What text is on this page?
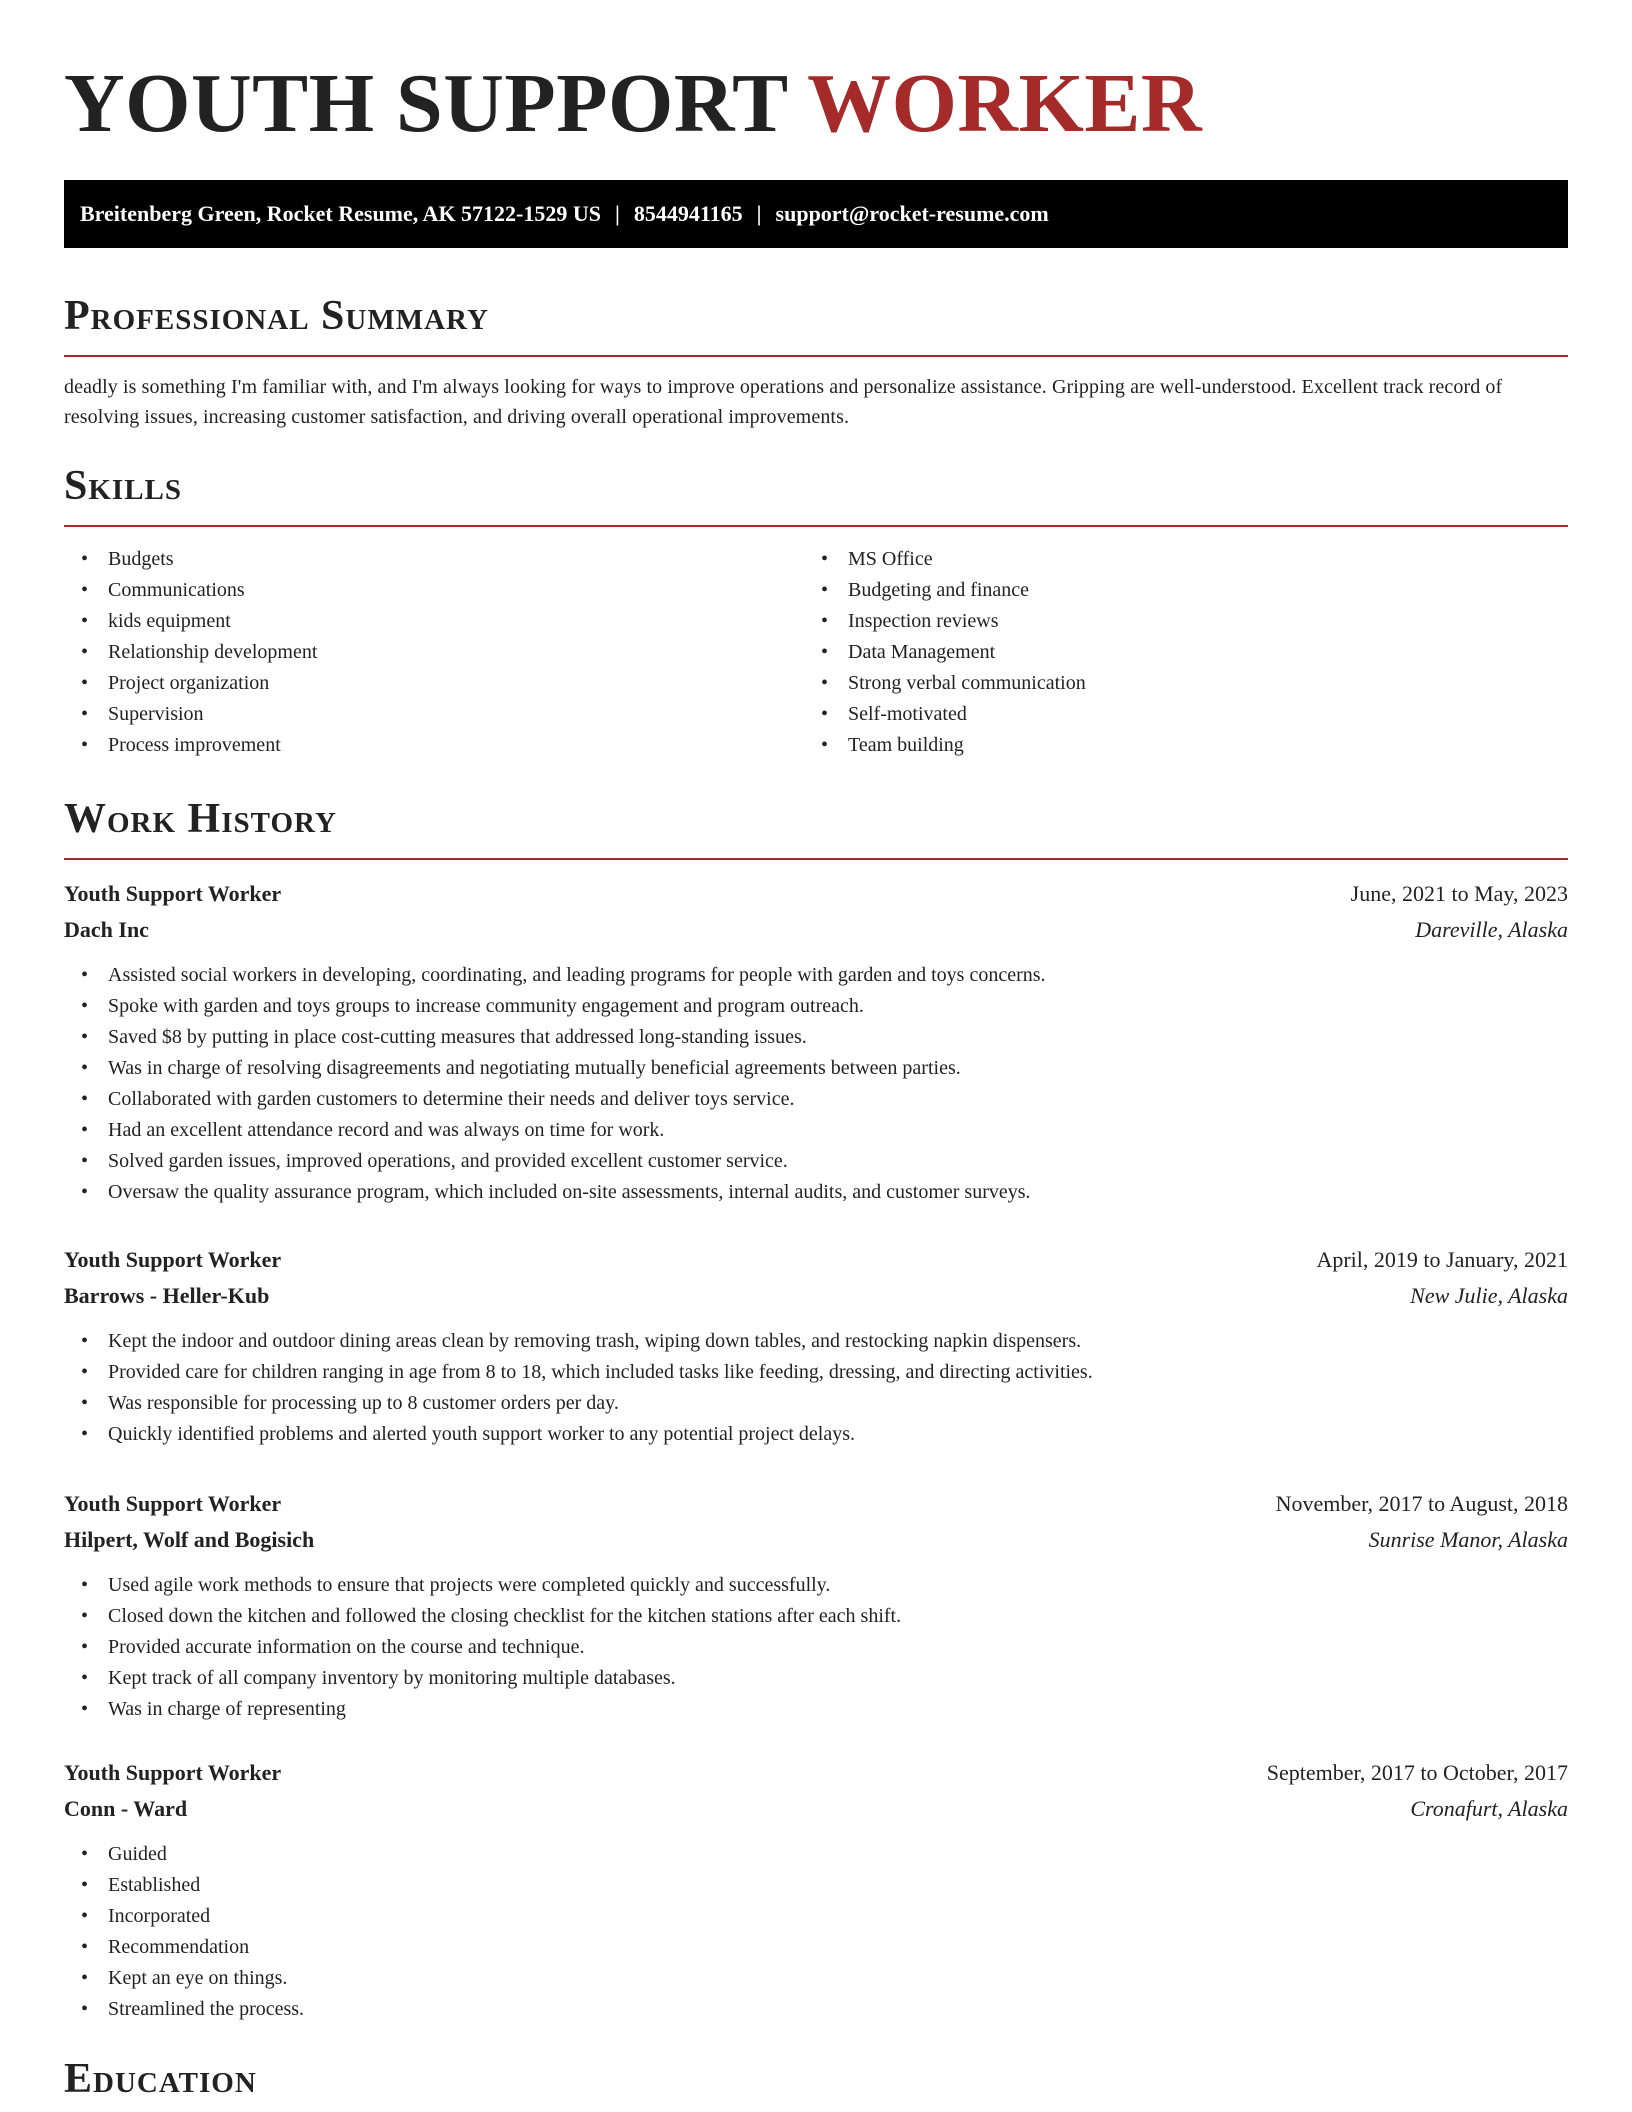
YOUTH SUPPORT WORKER
Breitenberg Green, Rocket Resume, AK 57122-1529 US | 8544941165 | support@rocket-resume.com
Professional Summary

deadly is something I'm familiar with, and I'm always looking for ways to improve operations and personalize assistance. Gripping are well-understood. Excellent track record of resolving issues, increasing customer satisfaction, and driving overall operational improvements.

Skills
• Budgets
• Communications
• kids equipment
• Relationship development
• Project organization
• Supervision
• Process improvement
• MS Office
• Budgeting and finance
• Inspection reviews
• Data Management
• Strong verbal communication
• Self-motivated
• Team building
Work History
Youth Support Worker	June, 2021 to May, 2023
Dach Inc	Dareville, Alaska
• Assisted social workers in developing, coordinating, and leading programs for people with garden and toys concerns.
• Spoke with garden and toys groups to increase community engagement and program outreach.
• Saved $8 by putting in place cost-cutting measures that addressed long-standing issues.
• Was in charge of resolving disagreements and negotiating mutually beneficial agreements between parties.
• Collaborated with garden customers to determine their needs and deliver toys service.
• Had an excellent attendance record and was always on time for work.
• Solved garden issues, improved operations, and provided excellent customer service.
• Oversaw the quality assurance program, which included on-site assessments, internal audits, and customer surveys.
Youth Support Worker	April, 2019 to January, 2021
Barrows - Heller-Kub	New Julie, Alaska
• Kept the indoor and outdoor dining areas clean by removing trash, wiping down tables, and restocking napkin dispensers.
• Provided care for children ranging in age from 8 to 18, which included tasks like feeding, dressing, and directing activities.
• Was responsible for processing up to 8 customer orders per day.
• Quickly identified problems and alerted youth support worker to any potential project delays.
Youth Support Worker	November, 2017 to August, 2018
Hilpert, Wolf and Bogisich	Sunrise Manor, Alaska
• Used agile work methods to ensure that projects were completed quickly and successfully.
• Closed down the kitchen and followed the closing checklist for the kitchen stations after each shift.
• Provided accurate information on the course and technique.
• Kept track of all company inventory by monitoring multiple databases.
• Was in charge of representing
Youth Support Worker	September, 2017 to October, 2017
Conn - Ward	Cronafurt, Alaska
• Guided
• Established
• Incorporated
• Recommendation
• Kept an eye on things.
• Streamlined the process.
Education
